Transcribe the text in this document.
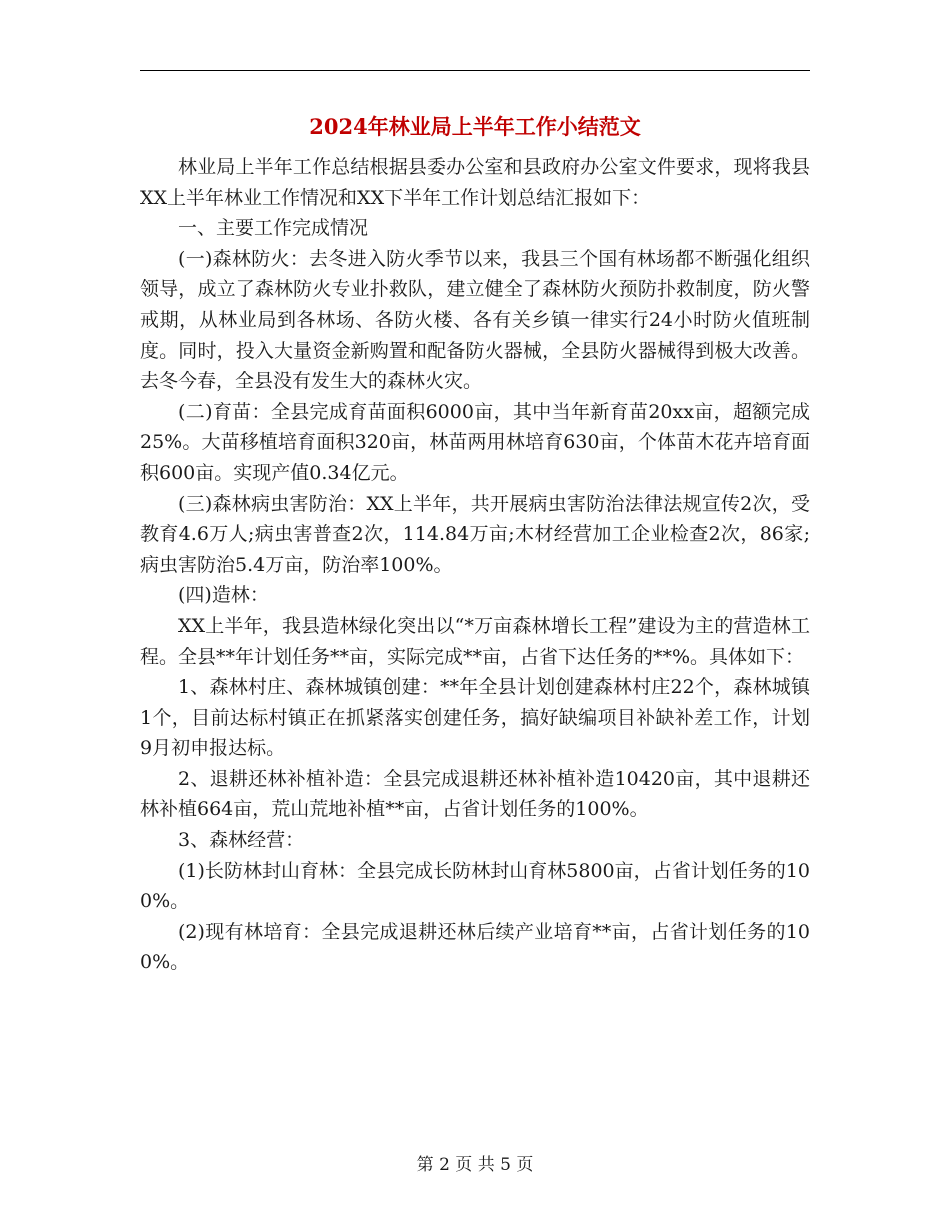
2024年林业局上半年工作小结范文

林业局上半年工作总结根据县委办公室和县政府办公室文件要求，现将我县XX上半年林业工作情况和XX下半年工作计划总结汇报如下：

一、主要工作完成情况

(一)森林防火：去冬进入防火季节以来，我县三个国有林场都不断强化组织领导，成立了森林防火专业扑救队，建立健全了森林防火预防扑救制度，防火警戒期，从林业局到各林场、各防火楼、各有关乡镇一律实行24小时防火值班制度。同时，投入大量资金新购置和配备防火器械，全县防火器械得到极大改善。去冬今春，全县没有发生大的森林火灾。

(二)育苗：全县完成育苗面积6000亩，其中当年新育苗20xx亩，超额完成25%。大苗移植培育面积320亩，林苗两用林培育630亩，个体苗木花卉培育面积600亩。实现产值0.34亿元。

(三)森林病虫害防治：XX上半年，共开展病虫害防治法律法规宣传2次，受教育4.6万人;病虫害普查2次，114.84万亩;木材经营加工企业检查2次，86家;病虫害防治5.4万亩，防治率100%。

(四)造林：

XX上半年，我县造林绿化突出以“*万亩森林增长工程”建设为主的营造林工程。全县**年计划任务**亩，实际完成**亩，占省下达任务的**%。具体如下：

1、森林村庄、森林城镇创建：**年全县计划创建森林村庄22个，森林城镇1个，目前达标村镇正在抓紧落实创建任务，搞好缺编项目补缺补差工作，计划9月初申报达标。

2、退耕还林补植补造：全县完成退耕还林补植补造10420亩，其中退耕还林补植664亩，荒山荒地补植**亩，占省计划任务的100%。

3、森林经营：

(1)长防林封山育林：全县完成长防林封山育林5800亩，占省计划任务的100%。

(2)现有林培育：全县完成退耕还林后续产业培育**亩，占省计划任务的100%。

第 2 页 共 5 页
